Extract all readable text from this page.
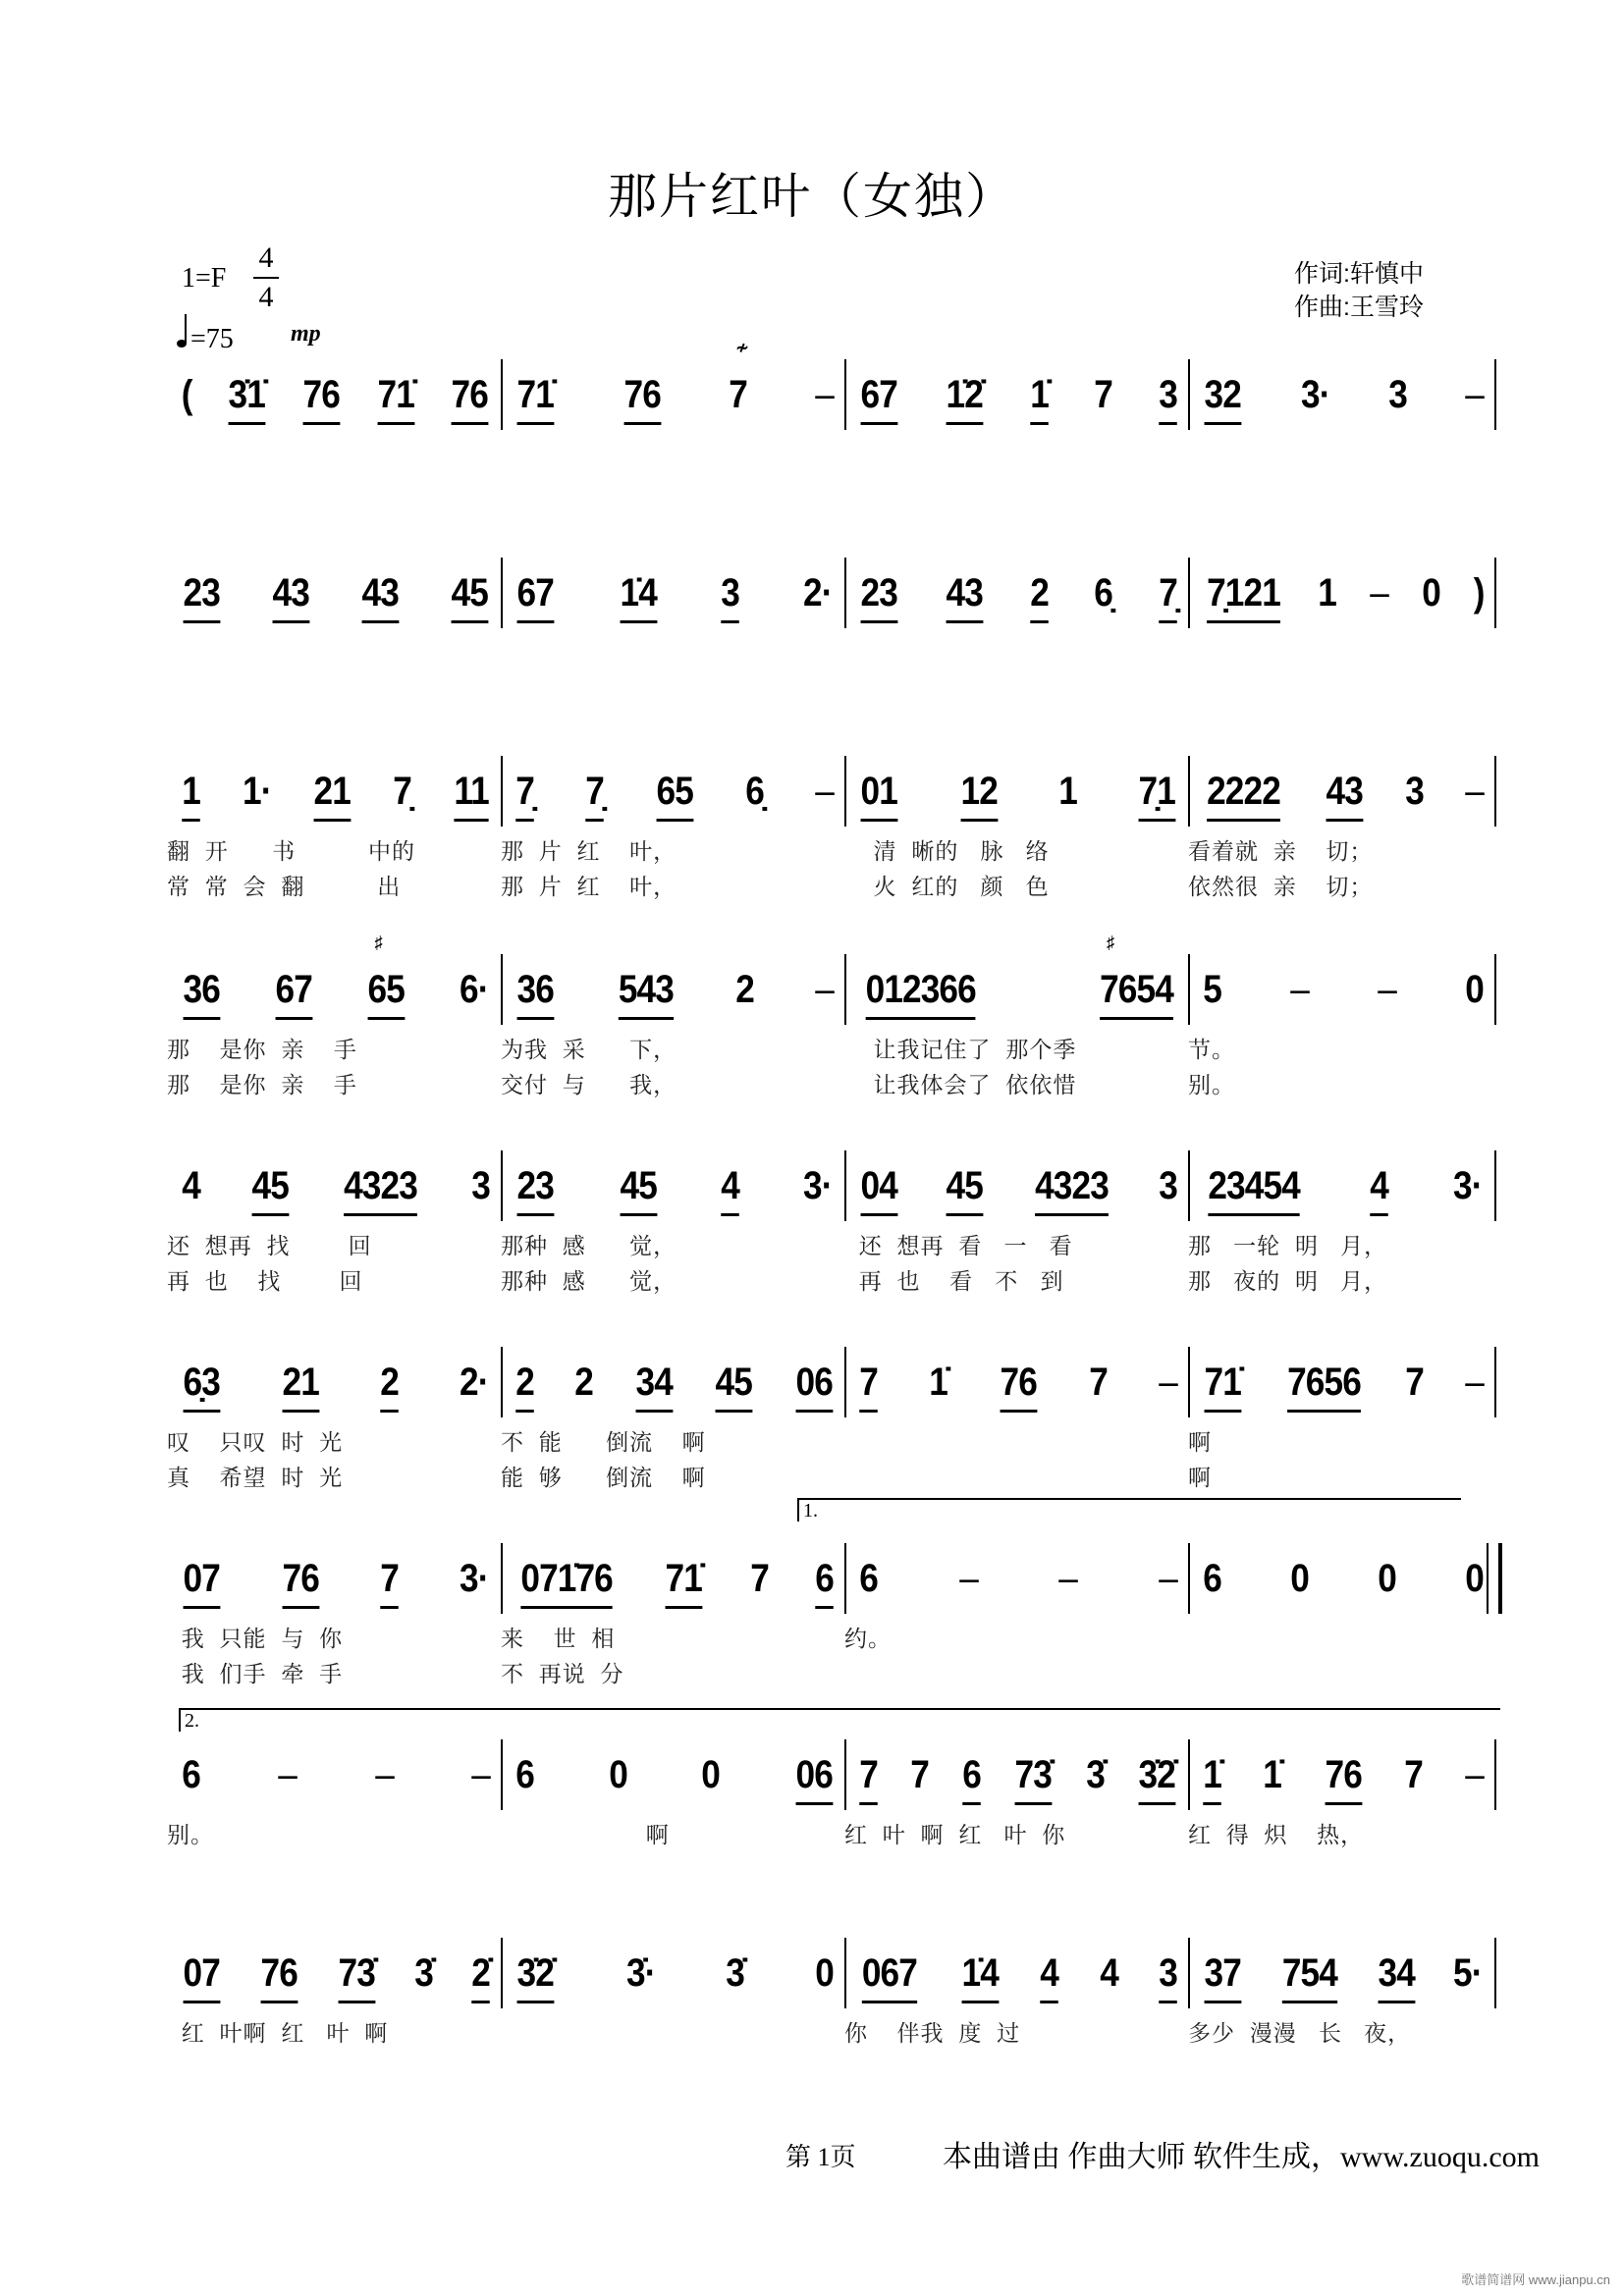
那片红叶（女独）
1=F
4
4
=75 mp
作词:轩慎中
作曲:王雪玲
( 3̇1̇ 76 71̇ 76 71̇ 76 7
≁
– 67 1̇2̇ 1̇ 7 3 32 3· 3 –
23 43 43 45 67 1̇4 3 2· 23 43 2 6̣ 7̣ 7̣121 1 – 0 )
1 1· 21 7̣ 11
翻  开      书          中的
常  常  会  翻          出
7̣ 7̣ 65 6̣ –
那  片  红    叶，
那  片  红    叶，
01 12 1 7̣1
清  晰的   脉   络
火  红的   颜   色
2222 43 3 –
看着就  亲    切；
依然很  亲    切；
36 67 65
♯
6·
那    是你  亲    手
那    是你  亲    手
36 543 2 –
为我  采      下，
交付  与      我，
012366	7654
♯
让我记住了  那个季
让我体会了  依依惜
5 – – 0
节。
别。
4 45 4323 3
还  想再  找        回
再  也    找        回
23 45 4 3·
那种  感      觉，
那种  感      觉，
04 45 4323 3
还  想再  看   一   看
再  也    看   不   到
23454 4 3·
那   一轮  明   月，
那   夜的  明   月，
6̣3 21 2 2·
叹    只叹  时  光
真    希望  时  光
2 2 34 45 06
不  能      倒流    啊
能  够      倒流    啊
7 1̇ 76 7 – 71̇ 7656 7 –
啊
啊
07 76 7 3·
我  只能  与  你
我  们手  牵  手
071̇76 71̇ 7 6
来    世  相
不  再说  分
6 – – –
约。
6 0 0 0
1.
6 – – –
别。
6 0 0 06
啊
7 7 6 73̇ 3̇ 3̇2̇
红  叶  啊  红   叶  你
1̇ 1̇ 76 7 –
红  得  炽    热，
2.
07 76 73̇ 3̇ 2̇
红  叶啊  红   叶  啊
3̇2̇ 3̇· 3̇ 0 067 1̇4 4 4 3
你    伴我  度  过
37 754 34 5·
多少  漫漫   长   夜，
第 1页	本曲谱由 作曲大师 软件生成，www.zuoqu.com
歌谱简谱网 www.jianpu.cn
